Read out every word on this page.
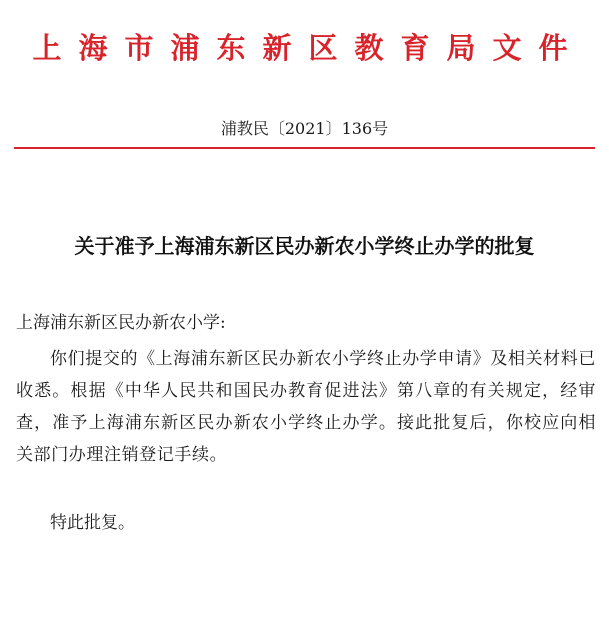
上海市浦东新区教育局文件
浦教民〔2021〕136号
关于准予上海浦东新区民办新农小学终止办学的批复
上海浦东新区民办新农小学:
你们提交的《上海浦东新区民办新农小学终止办学申请》及相关材料已收悉。根据《中华人民共和国民办教育促进法》第八章的有关规定，经审查，准予上海浦东新区民办新农小学终止办学。接此批复后，你校应向相关部门办理注销登记手续。
特此批复。
